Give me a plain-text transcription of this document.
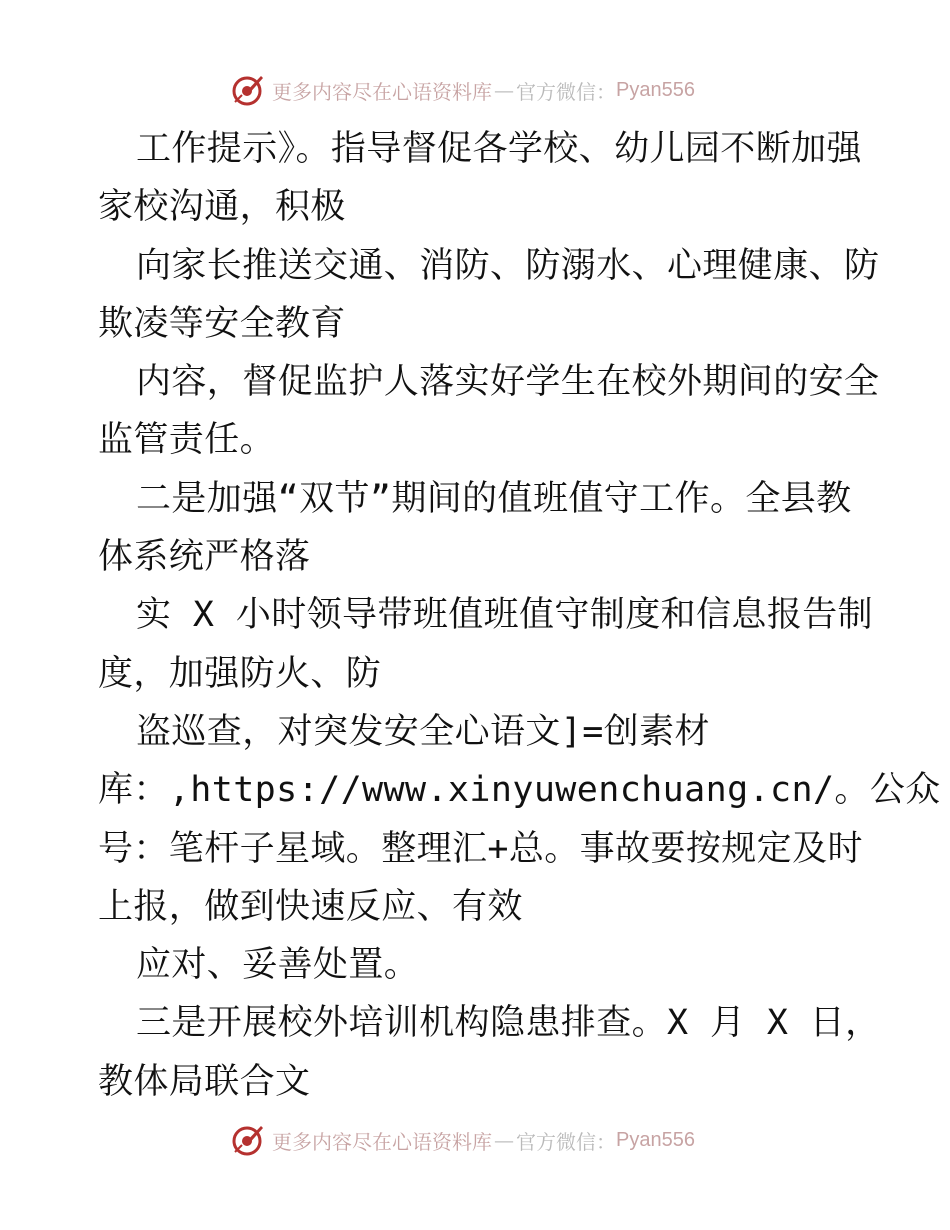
更多内容尽在心语资料库 — 官方微信： Pyan556
工作提示》。指导督促各学校、幼儿园不断加强
家校沟通，积极
向家长推送交通、消防、防溺水、心理健康、防
欺凌等安全教育
内容，督促监护人落实好学生在校外期间的安全
监管责任。
二是加强“双节”期间的值班值守工作。全县教
体系统严格落
实 X 小时领导带班值班值守制度和信息报告制
度，加强防火、防
盗巡查，对突发安全心语文]=创素材
库：,https://www.xinyuwenchuang.cn/。公众
号：笔杆子星域。整理汇+总。事故要按规定及时
上报，做到快速反应、有效
应对、妥善处置。
三是开展校外培训机构隐患排查。X 月 X 日，
教体局联合文
更多内容尽在心语资料库 — 官方微信： Pyan556
